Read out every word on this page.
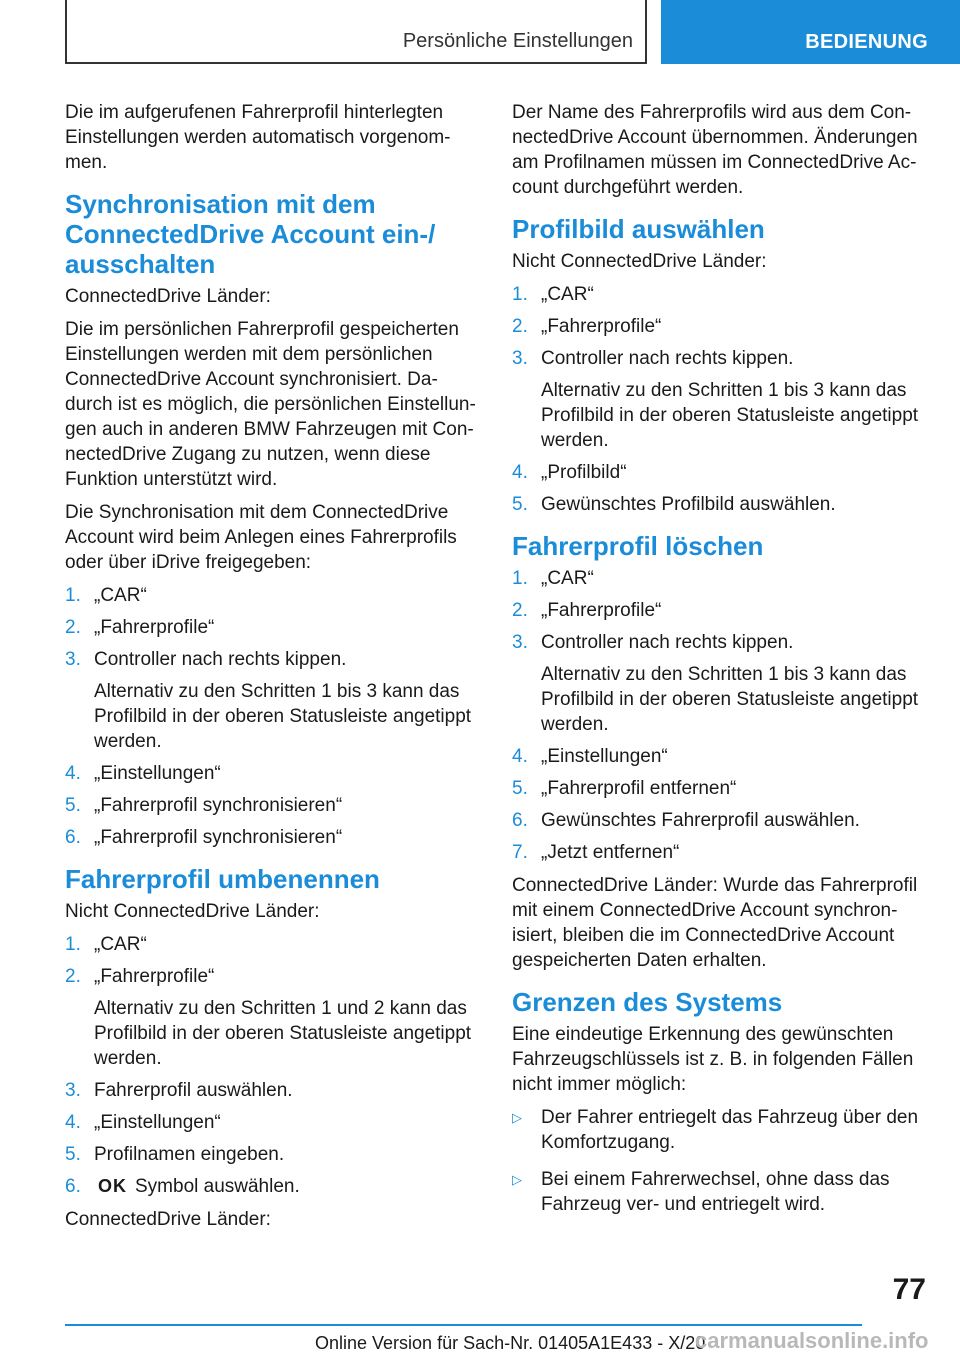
Persönliche Einstellungen	BEDIENUNG

Die im aufgerufenen Fahrerprofil hinterlegten Einstellungen werden automatisch vorgenom-men.

Synchronisation mit dem ConnectedDrive Account ein-/ ausschalten

ConnectedDrive Länder:

Die im persönlichen Fahrerprofil gespeicherten Einstellungen werden mit dem persönlichen ConnectedDrive Account synchronisiert. Da-durch ist es möglich, die persönlichen Einstellun-gen auch in anderen BMW Fahrzeugen mit Con-nectedDrive Zugang zu nutzen, wenn diese Funktion unterstützt wird.

Die Synchronisation mit dem ConnectedDrive Account wird beim Anlegen eines Fahrerprofils oder über iDrive freigegeben:

1. „CAR“
2. „Fahrerprofile“
3. Controller nach rechts kippen.
Alternativ zu den Schritten 1 bis 3 kann das Profilbild in der oberen Statusleiste angetippt werden.
4. „Einstellungen“
5. „Fahrerprofil synchronisieren“
6. „Fahrerprofil synchronisieren“
Fahrerprofil umbenennen

Nicht ConnectedDrive Länder:

1. „CAR“
2. „Fahrerprofile“
Alternativ zu den Schritten 1 und 2 kann das Profilbild in der oberen Statusleiste angetippt werden.
3. Fahrerprofil auswählen.
4. „Einstellungen“
5. Profilnamen eingeben.
6. OK Symbol auswählen.

ConnectedDrive Länder:

Der Name des Fahrerprofils wird aus dem Con-nectedDrive Account übernommen. Änderungen am Profilnamen müssen im ConnectedDrive Ac-count durchgeführt werden.

Profilbild auswählen

Nicht ConnectedDrive Länder:

1. „CAR“
2. „Fahrerprofile“
3. Controller nach rechts kippen.
Alternativ zu den Schritten 1 bis 3 kann das Profilbild in der oberen Statusleiste angetippt werden.
4. „Profilbild“
5. Gewünschtes Profilbild auswählen.
Fahrerprofil löschen
1. „CAR“
2. „Fahrerprofile“
3. Controller nach rechts kippen.
Alternativ zu den Schritten 1 bis 3 kann das Profilbild in der oberen Statusleiste angetippt werden.
4. „Einstellungen“
5. „Fahrerprofil entfernen“
6. Gewünschtes Fahrerprofil auswählen.
7. „Jetzt entfernen“

ConnectedDrive Länder: Wurde das Fahrerprofil mit einem ConnectedDrive Account synchron-isiert, bleiben die im ConnectedDrive Account gespeicherten Daten erhalten.

Grenzen des Systems

Eine eindeutige Erkennung des gewünschten Fahrzeugschlüssels ist z. B. in folgenden Fällen nicht immer möglich:

▷	Der Fahrer entriegelt das Fahrzeug über den Komfortzugang.
▷	Bei einem Fahrerwechsel, ohne dass das Fahrzeug ver- und entriegelt wird.
77
Online Version für Sach-Nr. 01405A1E433 - X/20
carmanualsonline.info
